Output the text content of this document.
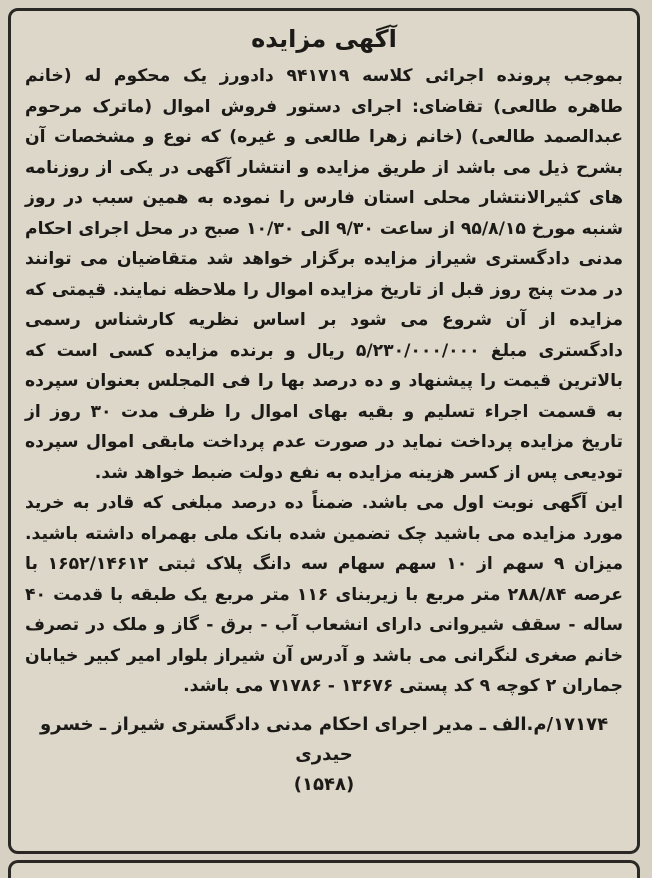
آگهی مزایده

بموجب پرونده اجرائی کلاسه ۹۴۱۷۱۹ دادورز یک محکوم له (خانم طاهره طالعی) تقاضای: اجرای دستور فروش اموال (ماترک مرحوم عبدالصمد طالعی) (خانم زهرا طالعی و غیره) که نوع و مشخصات آن بشرح ذیل می باشد از طریق مزایده و انتشار آگهی در یکی از روزنامه های کثیرالانتشار محلی استان فارس را نموده به همین سبب در روز شنبه مورخ ۹۵/۸/۱۵ از ساعت ۹/۳۰ الی ۱۰/۳۰ صبح در محل اجرای احکام مدنی دادگستری شیراز مزایده برگزار خواهد شد متقاضیان می توانند در مدت پنج روز قبل از تاریخ مزایده اموال را ملاحظه نمایند. قیمتی که مزایده از آن شروع می شود بر اساس نظریه کارشناس رسمی دادگستری مبلغ ۵/۲۳۰/۰۰۰/۰۰۰ ریال و برنده مزایده کسی است که بالاترین قیمت را پیشنهاد و ده درصد بها را فی المجلس بعنوان سپرده به قسمت اجراء تسلیم و بقیه بهای اموال را ظرف مدت ۳۰ روز از تاریخ مزایده پرداخت نماید در صورت عدم پرداخت مابقی اموال سپرده تودیعی پس از کسر هزینه مزایده به نفع دولت ضبط خواهد شد.

این آگهی نوبت اول می باشد. ضمناً ده درصد مبلغی که قادر به خرید مورد مزایده می باشید چک تضمین شده بانک ملی بهمراه داشته باشید. میزان ۹ سهم از ۱۰ سهم سهام سه دانگ پلاک ثبتی ۱۶۵۲/۱۴۶۱۲ با عرصه ۲۸۸/۸۴ متر مربع با زیربنای ۱۱۶ متر مربع یک طبقه با قدمت ۴۰ ساله - سقف شیروانی دارای انشعاب آب - برق - گاز و ملک در تصرف خانم صغری لنگرانی می باشد و آدرس آن شیراز بلوار امیر کبیر خیابان جماران ۲ کوچه ۹ کد پستی ۱۳۶۷۶ - ۷۱۷۸۶ می باشد.

۱۷۱۷۴/م.الف ـ مدیر اجرای احکام مدنی دادگستری شیراز ـ خسرو حیدری
(۱۵۴۸)
